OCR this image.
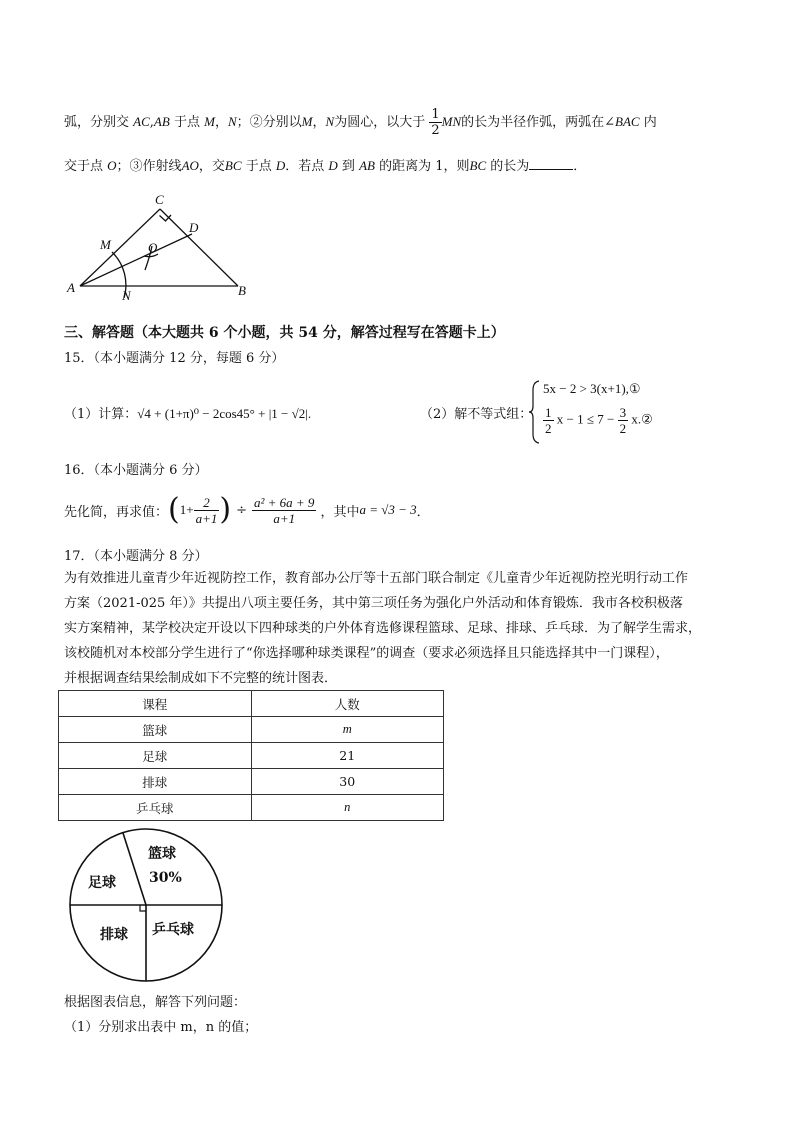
弧，分别交 AC,AB 于点 M，N；②分别以M，N为圆心，以大于 $\frac{1}{2}$ MN的长为半径作弧，两弧在∠BAC 内
交于点 O；③作射线AO，交BC 于点 D．若点 D 到 AB 的距离为 1，则BC 的长为	．
A	B
C
D
M
N
O
三、解答题（本大题共 6 个小题，共 54 分，解答过程写在答题卡上）
15．（本小题满分 12 分，每题 6 分）
（1）计算：√4 + (1+π)⁰ − 2cos45° + |1 − √2|.	（2）解不等式组：
5x − 2 > 3(x+1),①
$\frac{1}{2}$ $x - 1 \le 7 - \frac{3}{2}$ x.②
16．（本小题满分 6 分）
先化简，再求值： ( $1+ \frac{2}{a+1}$ ) ÷ $\frac{\text{a² + 6a + 9}}{a+1}$ ，其中 a = √3 − 3 ．
17．（本小题满分 8 分）
为有效推进儿童青少年近视防控工作，教育部办公厅等十五部门联合制定《儿童青少年近视防控光明行动工作
方案（2021-025 年）》共提出八项主要任务，其中第三项任务为强化户外活动和体育锻炼．我市各校积极落
实方案精神，某学校决定开设以下四种球类的户外体育选修课程篮球、足球、排球、乒乓球．为了解学生需求，
该校随机对本校部分学生进行了“你选择哪种球类课程”的调查（要求必须选择且只能选择其中一门课程），
并根据调查结果绘制成如下不完整的统计图表．
课程	人数
篮球	m
足球	21
排球	30
乒乓球	n
篮球
30%
足球
排球 乒乓球
根据图表信息，解答下列问题：
（1）分别求出表中 m，n 的值；
